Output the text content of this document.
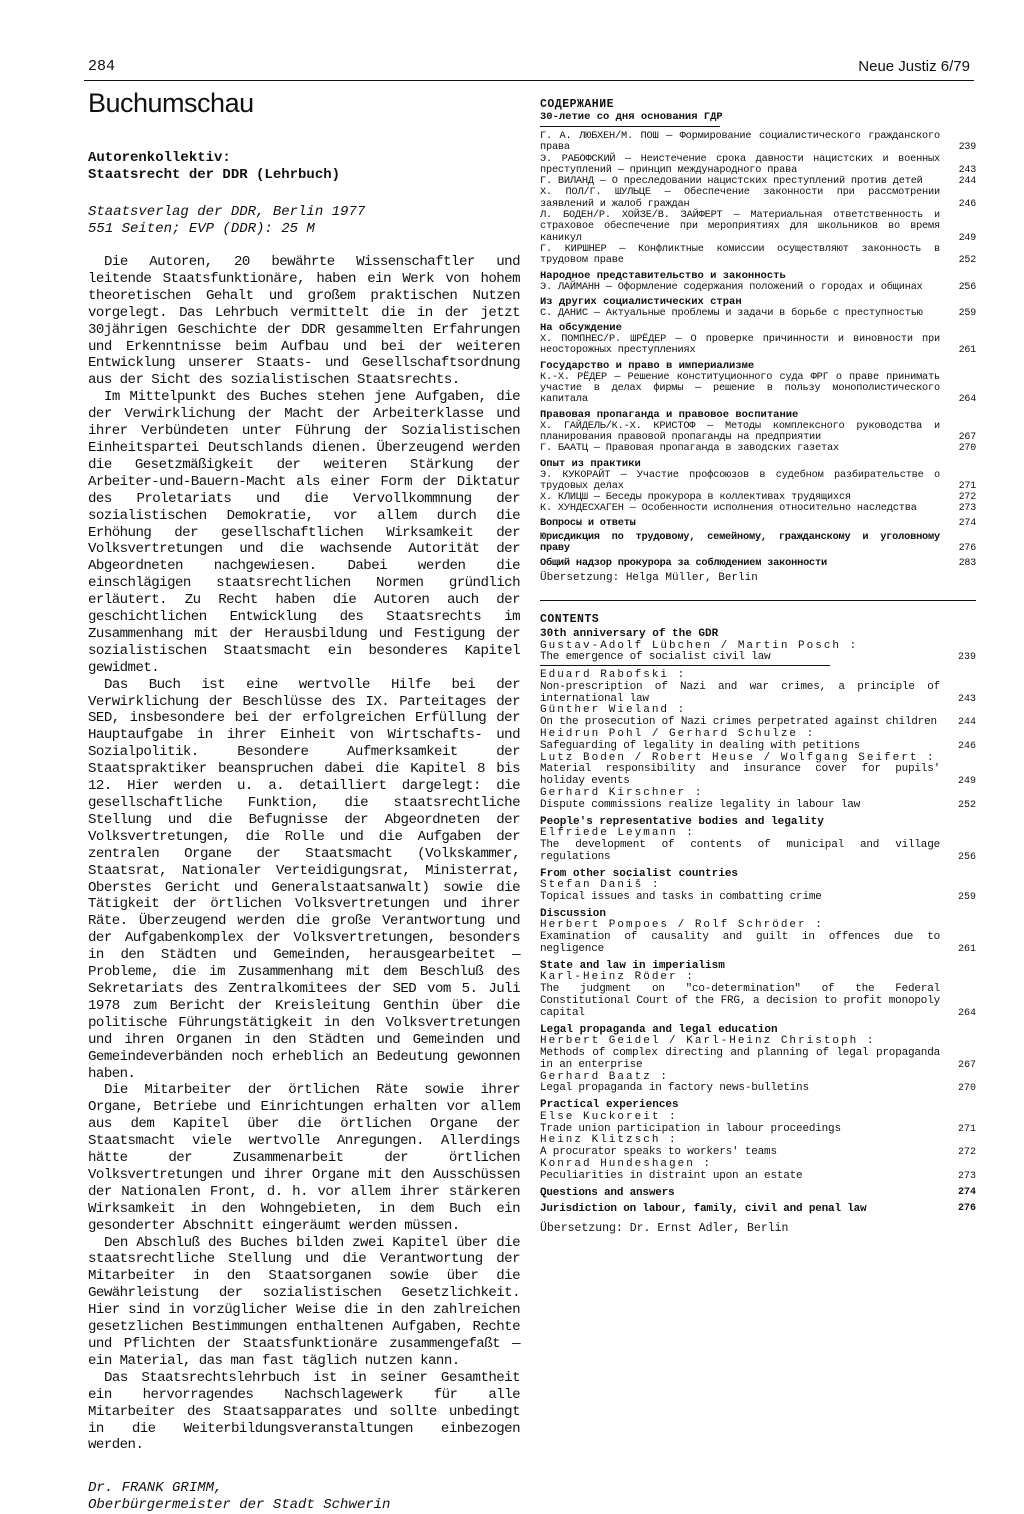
284	Neue Justiz 6/79
Buchumschau
Autorenkollektiv:
Staatsrecht der DDR (Lehrbuch)
Staatsverlag der DDR, Berlin 1977
551 Seiten; EVP (DDR): 25 M

Die Autoren, 20 bewährte Wissenschaftler und leitende Staatsfunktionäre, haben ein Werk von hohem theoretischen Gehalt und großem praktischen Nutzen vorgelegt. Das Lehrbuch vermittelt die in der jetzt 30jährigen Geschichte der DDR gesammelten Erfahrungen und Erkenntnisse beim Aufbau und bei der weiteren Entwicklung unserer Staats- und Gesellschaftsordnung aus der Sicht des sozialistischen Staatsrechts.

Im Mittelpunkt des Buches stehen jene Aufgaben, die der Verwirklichung der Macht der Arbeiterklasse und ihrer Verbündeten unter Führung der Sozialistischen Einheitspartei Deutschlands dienen. Überzeugend werden die Gesetzmäßigkeit der weiteren Stärkung der Arbeiter-und-Bauern-Macht als einer Form der Diktatur des Proletariats und die Vervollkommnung der sozialistischen Demokratie, vor allem durch die Erhöhung der gesellschaftlichen Wirksamkeit der Volksvertretungen und die wachsende Autorität der Abgeordneten nachgewiesen. Dabei werden die einschlägigen staatsrechtlichen Normen gründlich erläutert. Zu Recht haben die Autoren auch der geschichtlichen Entwicklung des Staatsrechts im Zusammenhang mit der Herausbildung und Festigung der sozialistischen Staatsmacht ein besonderes Kapitel gewidmet.

Das Buch ist eine wertvolle Hilfe bei der Verwirklichung der Beschlüsse des IX. Parteitages der SED, insbesondere bei der erfolgreichen Erfüllung der Hauptaufgabe in ihrer Einheit von Wirtschafts- und Sozialpolitik. Besondere Aufmerksamkeit der Staatspraktiker beanspruchen dabei die Kapitel 8 bis 12. Hier werden u. a. detailliert dargelegt: die gesellschaftliche Funktion, die staatsrechtliche Stellung und die Befugnisse der Abgeordneten der Volksvertretungen, die Rolle und die Aufgaben der zentralen Organe der Staatsmacht (Volkskammer, Staatsrat, Nationaler Verteidigungsrat, Ministerrat, Oberstes Gericht und Generalstaatsanwalt) sowie die Tätigkeit der örtlichen Volksvertretungen und ihrer Räte. Überzeugend werden die große Verantwortung und der Aufgabenkomplex der Volksvertretungen, besonders in den Städten und Gemeinden, herausgearbeitet — Probleme, die im Zusammenhang mit dem Beschluß des Sekretariats des Zentralkomitees der SED vom 5. Juli 1978 zum Bericht der Kreisleitung Genthin über die politische Führungstätigkeit in den Volksvertretungen und ihren Organen in den Städten und Gemeinden und Gemeindeverbänden noch erheblich an Bedeutung gewonnen haben.

Die Mitarbeiter der örtlichen Räte sowie ihrer Organe, Betriebe und Einrichtungen erhalten vor allem aus dem Kapitel über die örtlichen Organe der Staatsmacht viele wertvolle Anregungen. Allerdings hätte der Zusammenarbeit der örtlichen Volksvertretungen und ihrer Organe mit den Ausschüssen der Nationalen Front, d. h. vor allem ihrer stärkeren Wirksamkeit in den Wohngebieten, in dem Buch ein gesonderter Abschnitt eingeräumt werden müssen.

Den Abschluß des Buches bilden zwei Kapitel über die staatsrechtliche Stellung und die Verantwortung der Mitarbeiter in den Staatsorganen sowie über die Gewährleistung der sozialistischen Gesetzlichkeit. Hier sind in vorzüglicher Weise die in den zahlreichen gesetzlichen Bestimmungen enthaltenen Aufgaben, Rechte und Pflichten der Staatsfunktionäre zusammengefaßt — ein Material, das man fast täglich nutzen kann.

Das Staatsrechtslehrbuch ist in seiner Gesamtheit ein hervorragendes Nachschlagewerk für alle Mitarbeiter des Staatsapparates und sollte unbedingt in die Weiterbildungsveranstaltungen einbezogen werden.

Dr. FRANK GRIMM,
Oberbürgermeister der Stadt Schwerin
СОДЕРЖАНИЕ
30-летие со дня основания ГДР
Г. А. ЛЮБХЕН/М. ПОШ — Формирование социалистического гражданского права	239
Э. РАБОФСКИЙ — Неистечение срока давности нацистских и военных преступлений — принцип международного права	243
Г. ВИЛАНД — О преследовании нацистских преступлений против детей	244
Х. ПОЛ/Г. ШУЛЬЦЕ — Обеспечение законности при рассмотрении заявлений и жалоб граждан	246
Л. БОДЕН/Р. ХОЙЗЕ/В. ЗАЙФЕРТ — Материальная ответственность и страховое обеспечение при мероприятиях для школьников во время каникул	249
Г. КИРШНЕР — Конфликтные комиссии осуществляют законность в трудовом праве	252
Народное представительство и законность
Э. ЛАЙМАНН — Оформление содержания положений о городах и общинах	256
Из других социалистических стран
С. ДАНИС — Актуальные проблемы и задачи в борьбе с преступностью	259
На обсуждение
Х. ПОМПНЕС/Р. ШРЁДЕР — О проверке причинности и виновности при неосторожных преступлениях	261
Государство и право в империализме
К.-Х. РЁДЕР — Решение конституционного суда ФРГ о праве принимать участие в делах фирмы — решение в пользу монополистического капитала	264
Правовая пропаганда и правовое воспитание
Х. ГАЙДЕЛЬ/К.-Х. КРИСТОФ — Методы комплексного руководства и планирования правовой пропаганды на предприятии	267
Г. БААТЦ — Правовая пропаганда в заводских газетах	270
Опыт из практики
Э. КУКОРАЙТ — Участие профсоюзов в судебном разбирательстве о трудовых делах	271
Х. КЛИЦШ — Беседы прокурора в коллективах трудящихся	272
К. ХУНДЕСХАГЕН — Особенности исполнения относительно наследства	273
Вопросы и ответы	274
Юрисдикция по трудовому, семейному, гражданскому и уголовному праву	276
Общий надзор прокурора за соблюдением законности	283
Übersetzung: Helga Müller, Berlin
CONTENTS
30th anniversary of the GDR
Gustav-Adolf Lübchen / Martin Posch :
The emergence of socialist civil law	239
Eduard Rabofski :
Non-prescription of Nazi and war crimes, a principle of international law	243
Günther Wieland :
On the prosecution of Nazi crimes perpetrated against children	244
Heidrun Pohl / Gerhard Schulze :
Safeguarding of legality in dealing with petitions	246
Lutz Boden / Robert Heuse / Wolfgang Seifert :
Material responsibility and insurance cover for pupils' holiday events	249
Gerhard Kirschner :
Dispute commissions realize legality in labour law	252
People's representative bodies and legality
Elfriede Leymann :
The development of contents of municipal and village regulations	256
From other socialist countries
Stefan Daniš :
Topical issues and tasks in combatting crime	259
Discussion
Herbert Pompoes / Rolf Schröder :
Examination of causality and guilt in offences due to negligence	261
State and law in imperialism
Karl-Heinz Röder :
The judgment on "co-determination" of the Federal Constitutional Court of the FRG, a decision to profit monopoly capital	264
Legal propaganda and legal education
Herbert Geidel / Karl-Heinz Christoph :
Methods of complex directing and planning of legal propaganda in an enterprise	267
Gerhard Baatz :
Legal propaganda in factory news-bulletins	270
Practical experiences
Else Kuckoreit :
Trade union participation in labour proceedings	271
Heinz Klitzsch :
A procurator speaks to workers' teams	272
Konrad Hundeshagen :
Peculiarities in distraint upon an estate	273
Questions and answers	274
Jurisdiction on labour, family, civil and penal law	276
Übersetzung: Dr. Ernst Adler, Berlin
